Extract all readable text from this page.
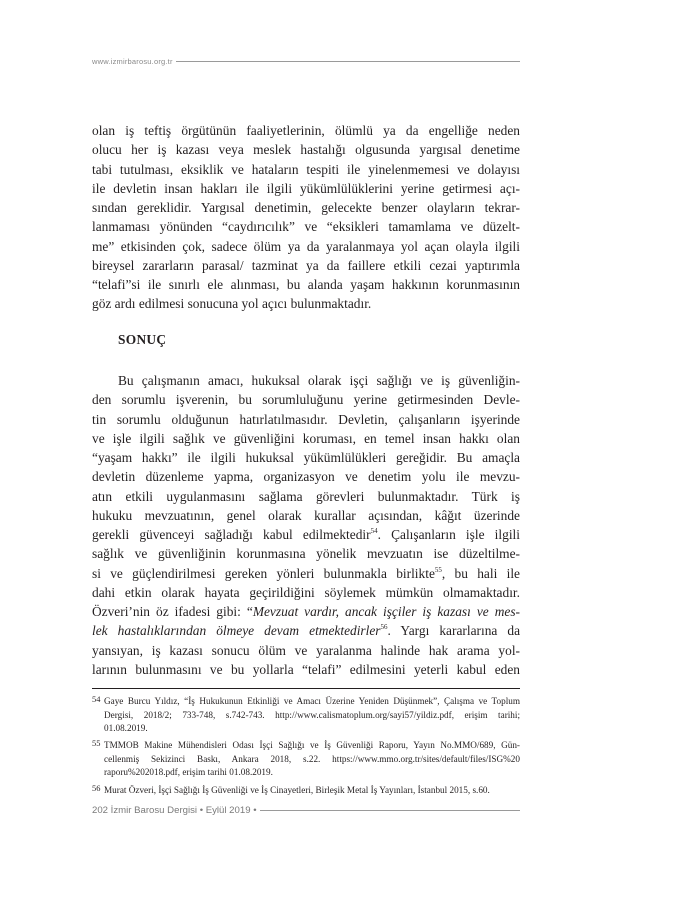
www.izmirbarosu.org.tr

olan iş teftiş örgütünün faaliyetlerinin, ölümlü ya da engelliğe neden
olucu her iş kazası veya meslek hastalığı olgusunda yargısal denetime
tabi tutulması, eksiklik ve hataların tespiti ile yinelenmemesi ve dolayısı
ile devletin insan hakları ile ilgili yükümlülüklerini yerine getirmesi açı-
sından gereklidir. Yargısal denetimin, gelecekte benzer olayların tekrar-
lanmaması yönünden “caydırıcılık” ve “eksikleri tamamlama ve düzelt-
me” etkisinden çok, sadece ölüm ya da yaralanmaya yol açan olayla ilgili
bireysel zararların parasal/ tazminat ya da faillere etkili cezai yaptırımla
“telafi”si ile sınırlı ele alınması, bu alanda yaşam hakkının korunmasının
göz ardı edilmesi sonucuna yol açıcı bulunmaktadır.

SONUÇ

Bu çalışmanın amacı, hukuksal olarak işçi sağlığı ve iş güvenliğin-
den sorumlu işverenin, bu sorumluluğunu yerine getirmesinden Devle-
tin sorumlu olduğunun hatırlatılmasıdır. Devletin, çalışanların işyerinde
ve işle ilgili sağlık ve güvenliğini koruması, en temel insan hakkı olan
“yaşam hakkı” ile ilgili hukuksal yükümlülükleri gereğidir. Bu amaçla
devletin düzenleme yapma, organizasyon ve denetim yolu ile mevzu-
atın etkili uygulanmasını sağlama görevleri bulunmaktadır. Türk iş
hukuku mevzuatının, genel olarak kurallar açısından, kâğıt üzerinde
gerekli güvenceyi sağladığı kabul edilmektedir$^{54}$. Çalışanların işle ilgili
sağlık ve güvenliğinin korunmasına yönelik mevzuatın ise düzeltilme-
si ve güçlendirilmesi gereken yönleri bulunmakla birlikte$^{55}$, bu hali ile
dahi etkin olarak hayata geçirildiğini söylemek mümkün olmamaktadır.
Özveri’nin öz ifadesi gibi: “Mevzuat vardır, ancak işçiler iş kazası ve mes-
lek hastalıklarından ölmeye devam etmektedirler$^{56}$. Yargı kararlarına da
yansıyan, iş kazası sonucu ölüm ve yaralanma halinde hak arama yol-
larının bulunmasını ve bu yollarla “telafi” edilmesini yeterli kabul eden

54 Gaye Burcu Yıldız, “İş Hukukunun Etkinliği ve Amacı Üzerine Yeniden Düşünmek”, Çalışma ve Toplum
Dergisi, 2018/2; 733-748, s.742-743. http://www.calismatoplum.org/sayi57/yildiz.pdf, erişim tarihi;
01.08.2019.
55 TMMOB Makine Mühendisleri Odası İşçi Sağlığı ve İş Güvenliği Raporu, Yayın No.MMO/689, Gün-
cellenmiş Sekizinci Baskı, Ankara 2018, s.22. https://www.mmo.org.tr/sites/default/files/ISG%20
raporu%202018.pdf, erişim tarihi 01.08.2019.
56 Murat Özveri, İşçi Sağlığı İş Güvenliği ve İş Cinayetleri, Birleşik Metal İş Yayınları, İstanbul 2015, s.60.
202 İzmir Barosu Dergisi • Eylül 2019 •
